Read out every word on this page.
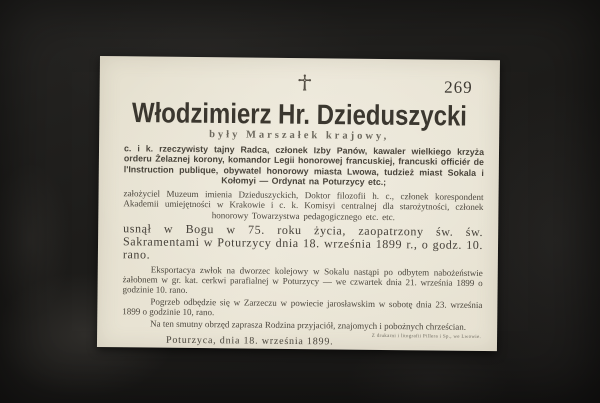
269
Włodzimierz Hr. Dzieduszycki
były Marszałek krajowy,

c. i k. rzeczywisty tajny Radca, członek Izby Panów, kawaler wielkiego krzyża orderu Żelaznej korony, komandor Legii honorowej francuskiej, francuski officiér de l'Instruction publique, obywatel honorowy miasta Lwowa, tudzież miast Sokala i Kołomyi — Ordynat na Poturzycy etc.;

założyciel Muzeum imienia Dzieduszyckich, Doktor filozofii h. c., członek korespondent Akademii umiejętności w Krakowie i c. k. Komisyi centralnej dla starożytności, członek honorowy Towarzystwa pedagogicznego etc. etc.

usnął w Bogu w 75. roku życia, zaopatrzony św. św. Sakramentami w Poturzycy dnia 18. września 1899 r., o godz. 10. rano.

Eksportacya zwłok na dworzec kolejowy w Sokalu nastąpi po odbytem nabożeństwie żałobnem w gr. kat. cerkwi parafialnej w Poturzycy — we czwartek dnia 21. września 1899 o godzinie 10. rano.

Pogrzeb odbędzie się w Zarzeczu w powiecie jarosławskim w sobotę dnia 23. września 1899 o godzinie 10, rano.

Na ten smutny obrzęd zaprasza Rodzina przyjaciół, znajomych i pobożnych chrześcian.

Poturzyca, dnia 18. września 1899.	Z drukarni i litografii Pillera i Sp., we Lwowie.
